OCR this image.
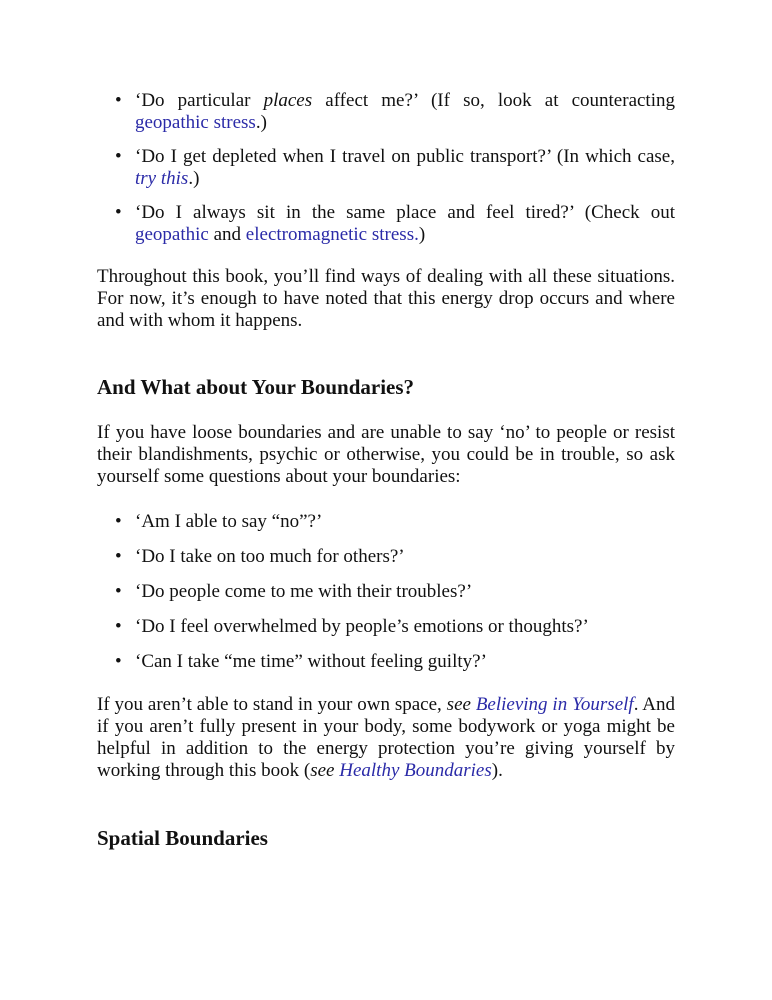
• ‘Do particular places affect me?’ (If so, look at counteracting geopathic stress.)
• ‘Do I get depleted when I travel on public transport?’ (In which case, try this.)
• ‘Do I always sit in the same place and feel tired?’ (Check out geopathic and electromagnetic stress.)

Throughout this book, you’ll find ways of dealing with all these situations. For now, it’s enough to have noted that this energy drop occurs and where and with whom it happens.

And What about Your Boundaries?

If you have loose boundaries and are unable to say ‘no’ to people or resist their blandishments, psychic or otherwise, you could be in trouble, so ask yourself some questions about your boundaries:

• ‘Am I able to say “no”?’
• ‘Do I take on too much for others?’
• ‘Do people come to me with their troubles?’
• ‘Do I feel overwhelmed by people’s emotions or thoughts?’
• ‘Can I take “me time” without feeling guilty?’

If you aren’t able to stand in your own space, see Believing in Yourself. And if you aren’t fully present in your body, some bodywork or yoga might be helpful in addition to the energy protection you’re giving yourself by working through this book (see Healthy Boundaries).

Spatial Boundaries
